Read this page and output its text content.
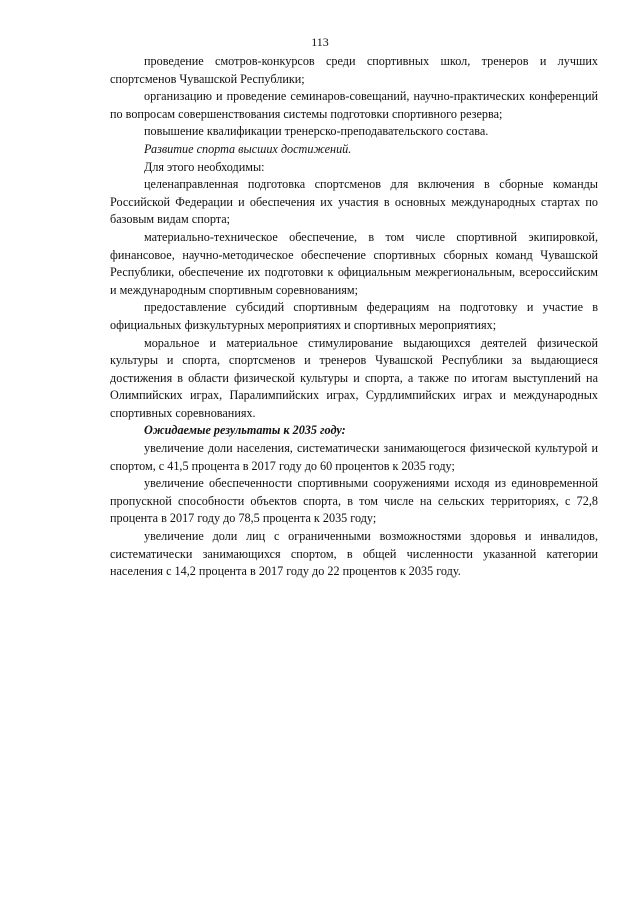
113

проведение смотров-конкурсов среди спортивных школ, тренеров и лучших спортсменов Чувашской Республики;

организацию и проведение семинаров-совещаний, научно-практических конференций по вопросам совершенствования системы подготовки спортивного резерва;

повышение квалификации тренерско-преподавательского состава.

Развитие спорта высших достижений.

Для этого необходимы:

целенаправленная подготовка спортсменов для включения в сборные команды Российской Федерации и обеспечения их участия в основных международных стартах по базовым видам спорта;

материально-техническое обеспечение, в том числе спортивной экипировкой, финансовое, научно-методическое обеспечение спортивных сборных команд Чувашской Республики, обеспечение их подготовки к официальным межрегиональным, всероссийским и международным спортивным соревнованиям;

предоставление субсидий спортивным федерациям на подготовку и участие в официальных физкультурных мероприятиях и спортивных мероприятиях;

моральное и материальное стимулирование выдающихся деятелей физической культуры и спорта, спортсменов и тренеров Чувашской Республики за выдающиеся достижения в области физической культуры и спорта, а также по итогам выступлений на Олимпийских играх, Паралимпийских играх, Сурдлимпийских играх и международных спортивных соревнованиях.

Ожидаемые результаты к 2035 году:

увеличение доли населения, систематически занимающегося физической культурой и спортом, с 41,5 процента в 2017 году до 60 процентов к 2035 году;

увеличение обеспеченности спортивными сооружениями исходя из единовременной пропускной способности объектов спорта, в том числе на сельских территориях, с 72,8 процента в 2017 году до 78,5 процента к 2035 году;

увеличение доли лиц с ограниченными возможностями здоровья и инвалидов, систематически занимающихся спортом, в общей численности указанной категории населения с 14,2 процента в 2017 году до 22 процентов к 2035 году.
